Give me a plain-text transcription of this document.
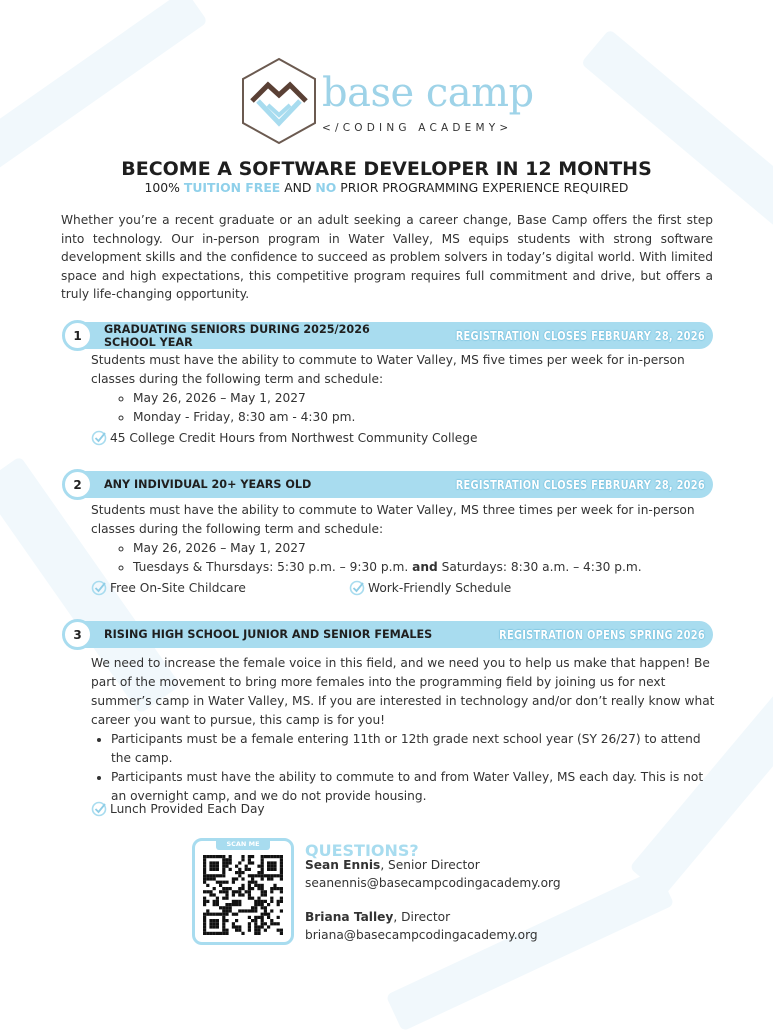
base camp
</CODING ACADEMY>
BECOME A SOFTWARE DEVELOPER IN 12 MONTHS
100% TUITION FREE AND NO PRIOR PROGRAMMING EXPERIENCE REQUIRED
Whether you’re a recent graduate or an adult seeking a career change, Base Camp offers the first step into technology. Our in-person program in Water Valley, MS equips students with strong software development skills and the confidence to succeed as problem solvers in today’s digital world. With limited space and high expectations, this competitive program requires full commitment and drive, but offers a truly life-changing opportunity.
GRADUATING SENIORS DURING 2025/2026 SCHOOL YEAR	REGISTRATION CLOSES FEBRUARY 28, 2026
1
Students must have the ability to commute to Water Valley, MS five times per week for in-person classes during the following term and schedule:
◦ May 26, 2026 – May 1, 2027
◦ Monday - Friday, 8:30 am - 4:30 pm.
45 College Credit Hours from Northwest Community College
ANY INDIVIDUAL 20+ YEARS OLD	REGISTRATION CLOSES FEBRUARY 28, 2026
2
Students must have the ability to commute to Water Valley, MS three times per week for in-person classes during the following term and schedule:
◦ May 26, 2026 – May 1, 2027
◦ Tuesdays & Thursdays: 5:30 p.m. – 9:30 p.m. and Saturdays: 8:30 a.m. – 4:30 p.m.
Free On-Site Childcare	Work-Friendly Schedule
RISING HIGH SCHOOL JUNIOR AND SENIOR FEMALES	REGISTRATION OPENS SPRING 2026
3
We need to increase the female voice in this field, and we need you to help us make that happen! Be part of the movement to bring more females into the programming field by joining us for next summer’s camp in Water Valley, MS. If you are interested in technology and/or don’t really know what career you want to pursue, this camp is for you!
• Participants must be a female entering 11th or 12th grade next school year (SY 26/27) to attend the camp.
• Participants must have the ability to commute to and from Water Valley, MS each day. This is not an overnight camp, and we do not provide housing.
Lunch Provided Each Day
SCAN ME	QUESTIONS?
Sean Ennis, Senior Director
seanennis@basecampcodingacademy.org
Briana Talley, Director
briana@basecampcodingacademy.org
